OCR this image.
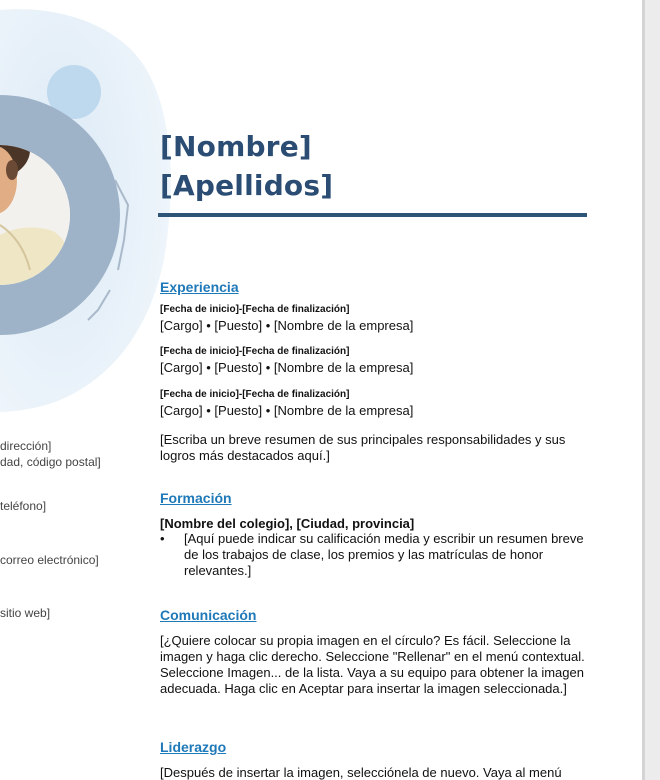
dirección]
dad, código postal]
teléfono]
correo electrónico]
sitio web]
[Nombre]
[Apellidos]
Experiencia
[Fecha de inicio]-[Fecha de finalización]
[Cargo] • [Puesto] • [Nombre de la empresa]
[Fecha de inicio]-[Fecha de finalización]
[Cargo] • [Puesto] • [Nombre de la empresa]
[Fecha de inicio]-[Fecha de finalización]
[Cargo] • [Puesto] • [Nombre de la empresa]
[Escriba un breve resumen de sus principales responsabilidades y sus logros más destacados aquí.]
Formación
[Nombre del colegio], [Ciudad, provincia]
• [Aquí puede indicar su calificación media y escribir un resumen breve de los trabajos de clase, los premios y las matrículas de honor relevantes.]
Comunicación
[¿Quiere colocar su propia imagen en el círculo? Es fácil. Seleccione la imagen y haga clic derecho. Seleccione "Rellenar" en el menú contextual. Seleccione Imagen... de la lista. Vaya a su equipo para obtener la imagen adecuada. Haga clic en Aceptar para insertar la imagen seleccionada.]
Liderazgo
[Después de insertar la imagen, selecciónela de nuevo. Vaya al menú
